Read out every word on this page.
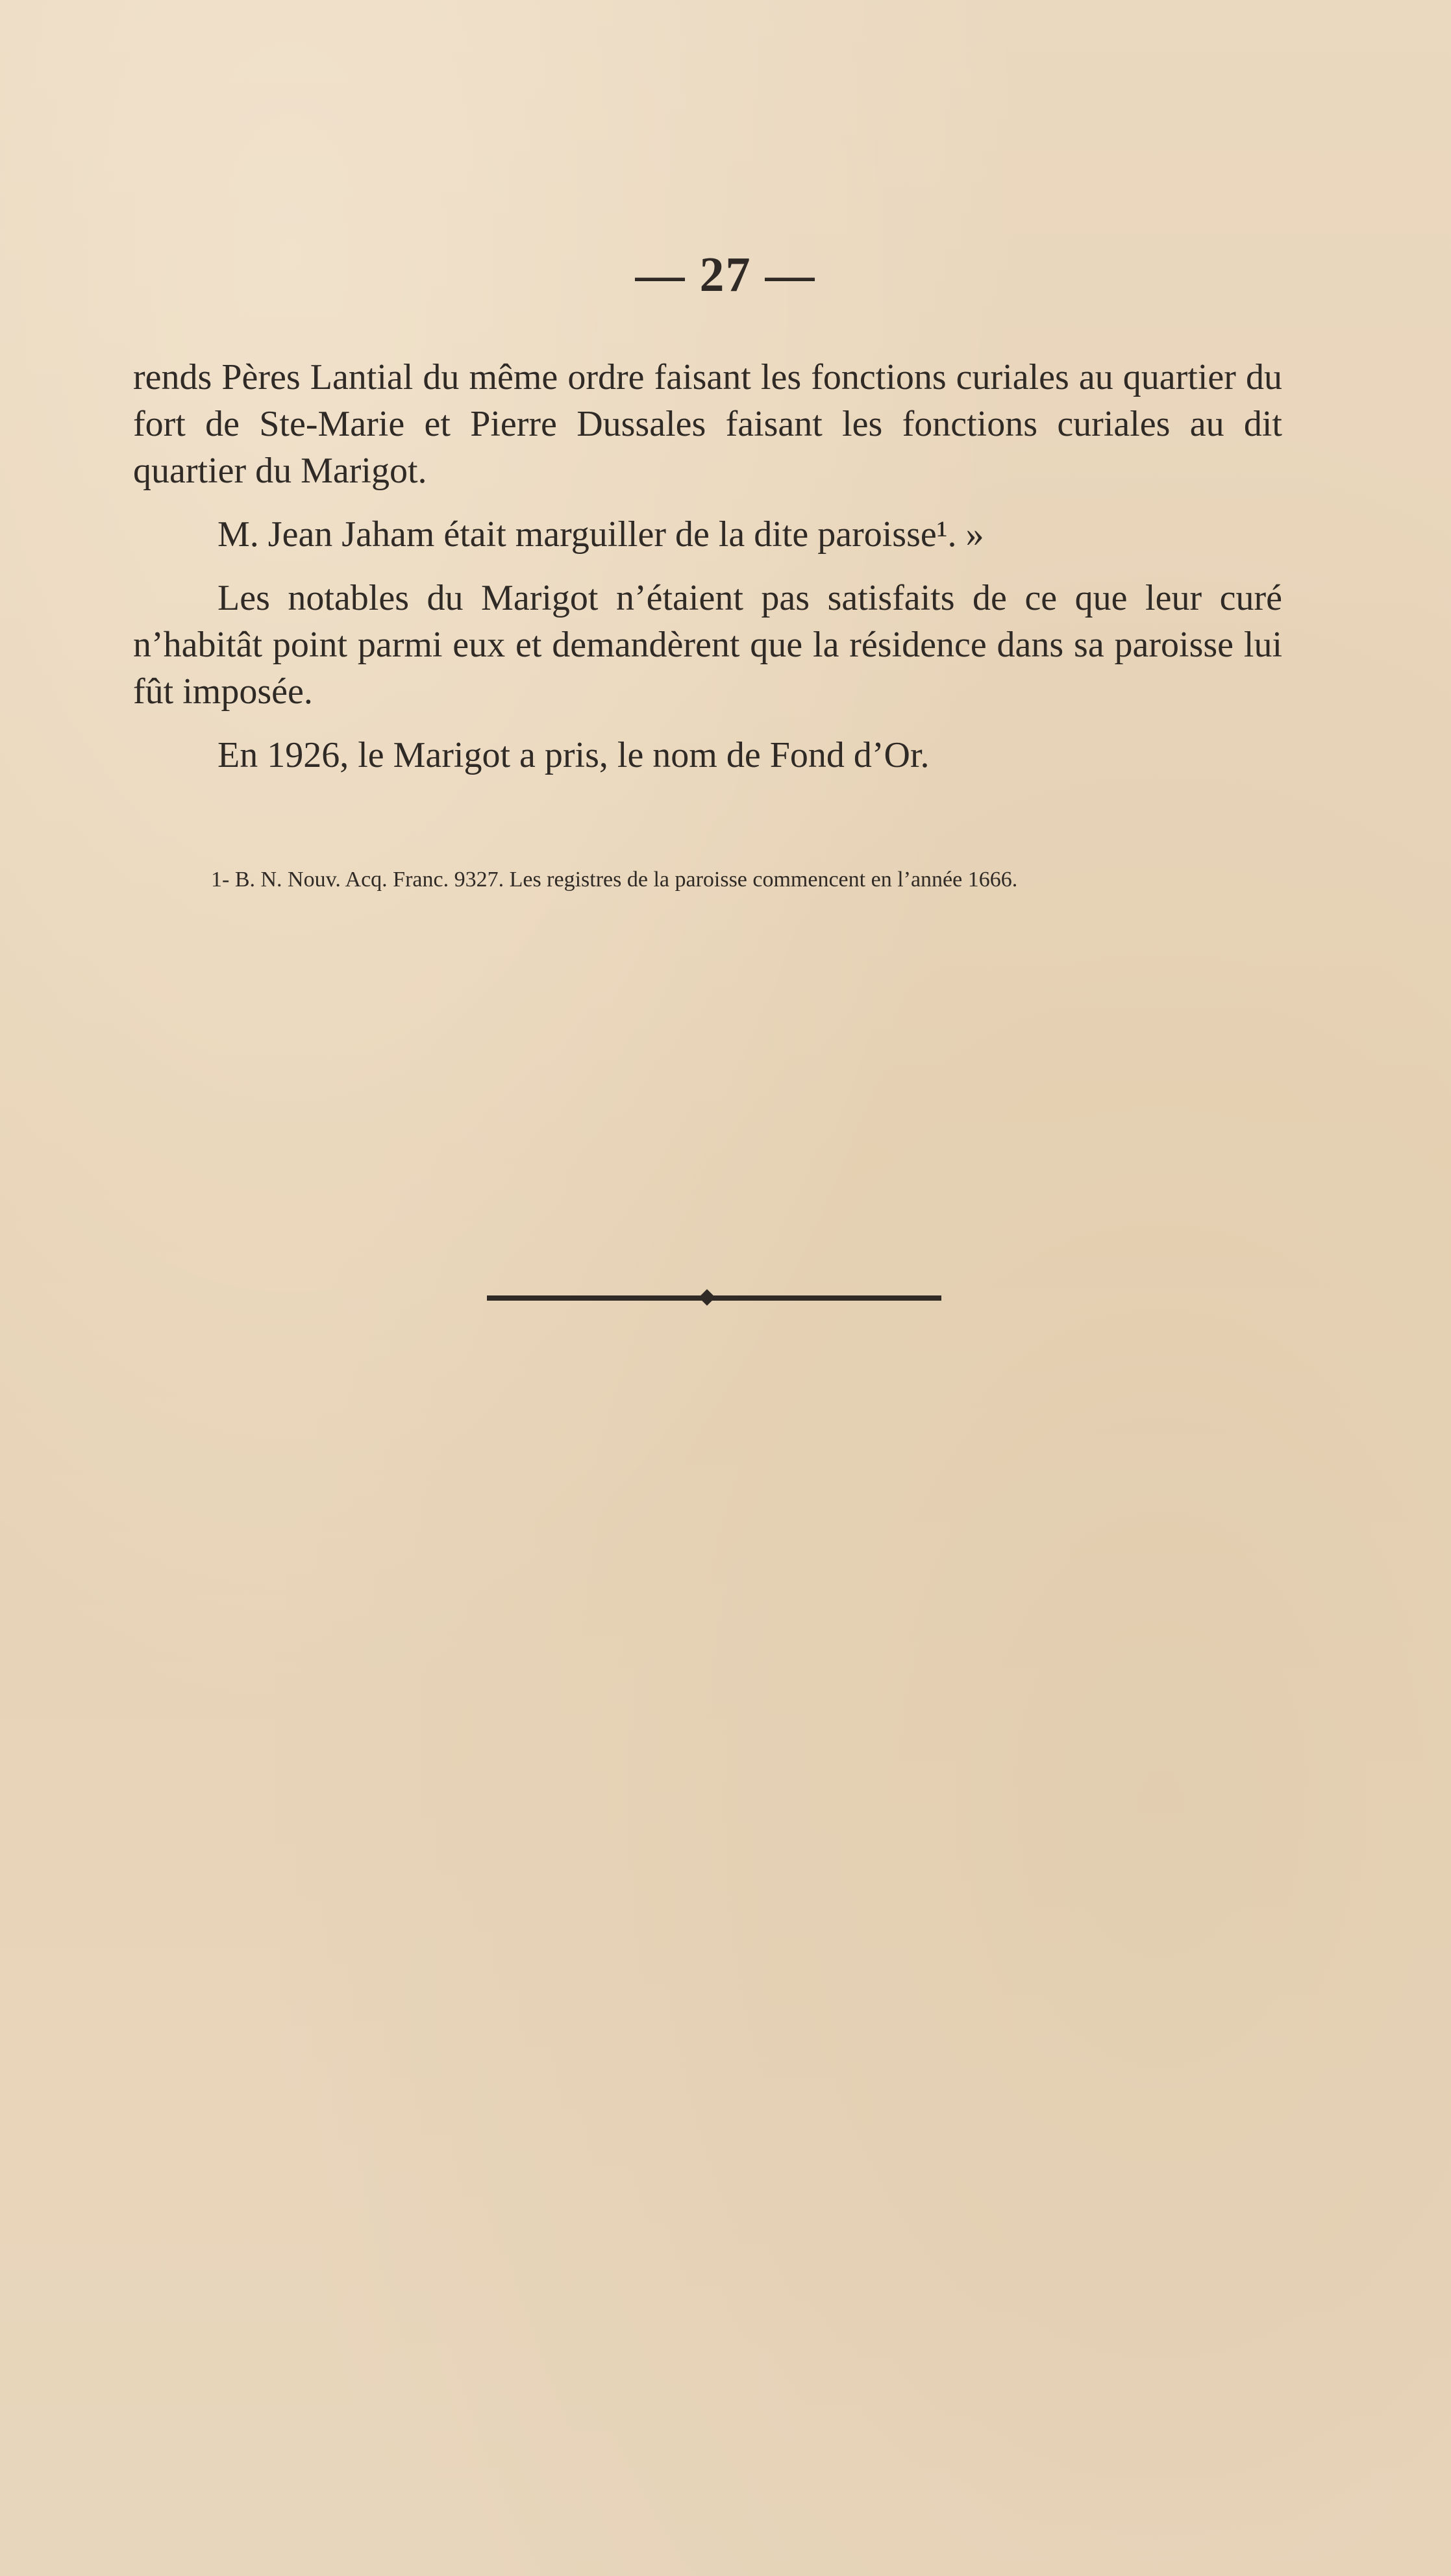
— 27 —

rends Pères Lantial du même ordre faisant les fonctions curiales au quartier du fort de Ste-Marie et Pierre Dussales faisant les fonctions curiales au dit quartier du Marigot.

M. Jean Jaham était marguiller de la dite paroisse¹. »

Les notables du Marigot n’étaient pas satisfaits de ce que leur curé n’habitât point parmi eux et demandèrent que la résidence dans sa paroisse lui fût imposée.

En 1926, le Marigot a pris, le nom de Fond d’Or.

1- B. N. Nouv. Acq. Franc. 9327. Les registres de la paroisse commencent en l’année 1666.
